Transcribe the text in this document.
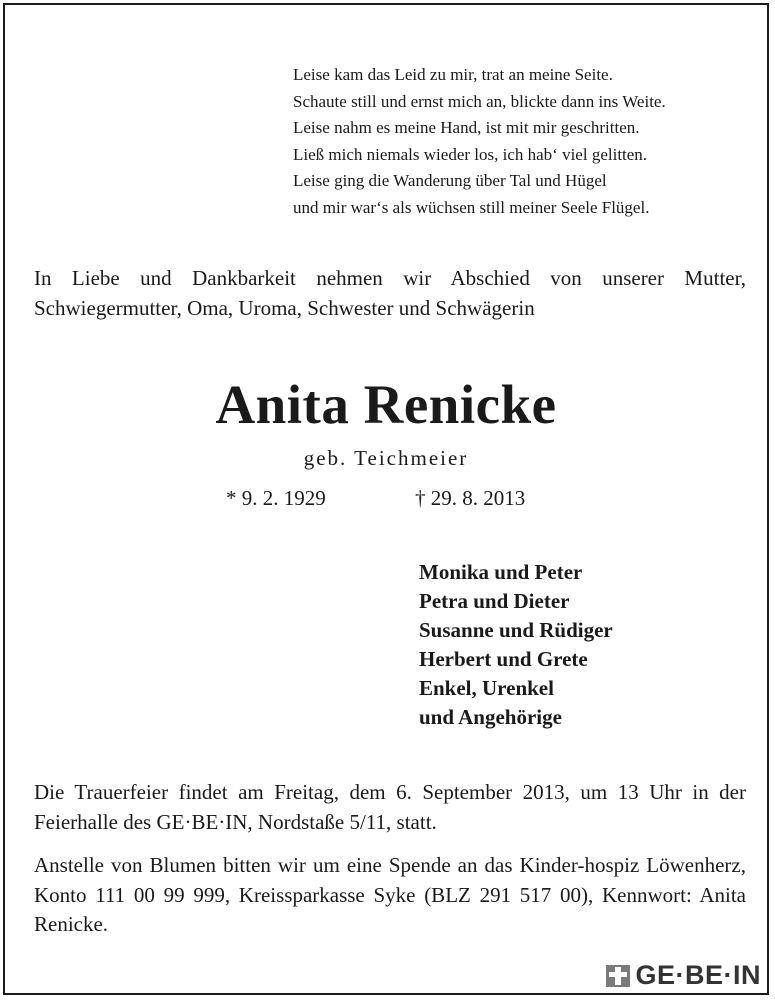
Leise kam das Leid zu mir, trat an meine Seite.
Schaute still und ernst mich an, blickte dann ins Weite.
Leise nahm es meine Hand, ist mit mir geschritten.
Ließ mich niemals wieder los, ich hab‘ viel gelitten.
Leise ging die Wanderung über Tal und Hügel
und mir war‘s als wüchsen still meiner Seele Flügel.
In Liebe und Dankbarkeit nehmen wir Abschied von unserer Mutter, Schwiegermutter, Oma, Uroma, Schwester und Schwägerin
Anita Renicke
geb. Teichmeier
* 9. 2. 1929	† 29. 8. 2013
Monika und Peter
Petra und Dieter
Susanne und Rüdiger
Herbert und Grete
Enkel, Urenkel
und Angehörige
Die Trauerfeier findet am Freitag, dem 6. September 2013, um 13 Uhr in der Feierhalle des GE·BE·IN, Nordstaße 5/11, statt.
Anstelle von Blumen bitten wir um eine Spende an das Kinder-hospiz Löwenherz, Konto 111 00 99 999, Kreissparkasse Syke (BLZ 291 517 00), Kennwort: Anita Renicke.
GE·BE·IN
